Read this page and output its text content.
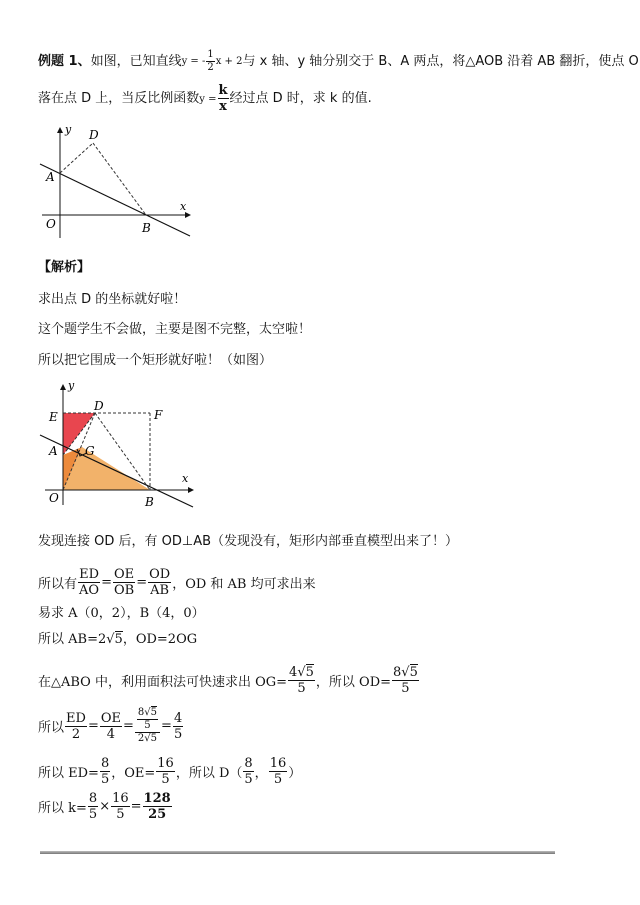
例题 1、如图，已知直线y = - $\frac{1}{2}$ x + 2与 x 轴、y 轴分别交于 B、A 两点，将△AOB 沿着 AB 翻折，使点 O
落在点 D 上，当反比例函数$y = \frac{k}{x}$ 经过点 D 时，求 k 的值.
y
x
D
A
O	B
【解析】
求出点 D 的坐标就好啦！
这个题学生不会做，主要是图不完整，太空啦！
所以把它围成一个矩形就好啦！（如图）
y
x
E
D
F
A G
O	B
发现连接 OD 后，有 OD⊥AB（发现没有，矩形内部垂直模型出来了！）
所以有 $\frac{ED}{AO} = \frac{OE}{OB} = \frac{OD}{AB}$ ，OD 和 AB 均可求出来
易求 A（0，2），B（4，0）
所以 AB=2√5，OD=2OG
在△ABO 中，利用面积法可快速求出 $OG= \frac{4√5}{5}$ ，所以 $OD= \frac{8√5}{5}$
所以 $\frac{ED}{2} = \frac{OE}{4} = \frac{\frac{8√5}{5}}{2√5} = \frac{4}{5}$
所以 $ED= \frac{8}{5}$ ，$OE= \frac{16}{5}$ ，所以 $D( \frac{8}{5}$ ， $\frac{16}{5}$ ）
所以 $k= \frac{8}{5} \times \frac{16}{5} = \frac{128}{25}$
